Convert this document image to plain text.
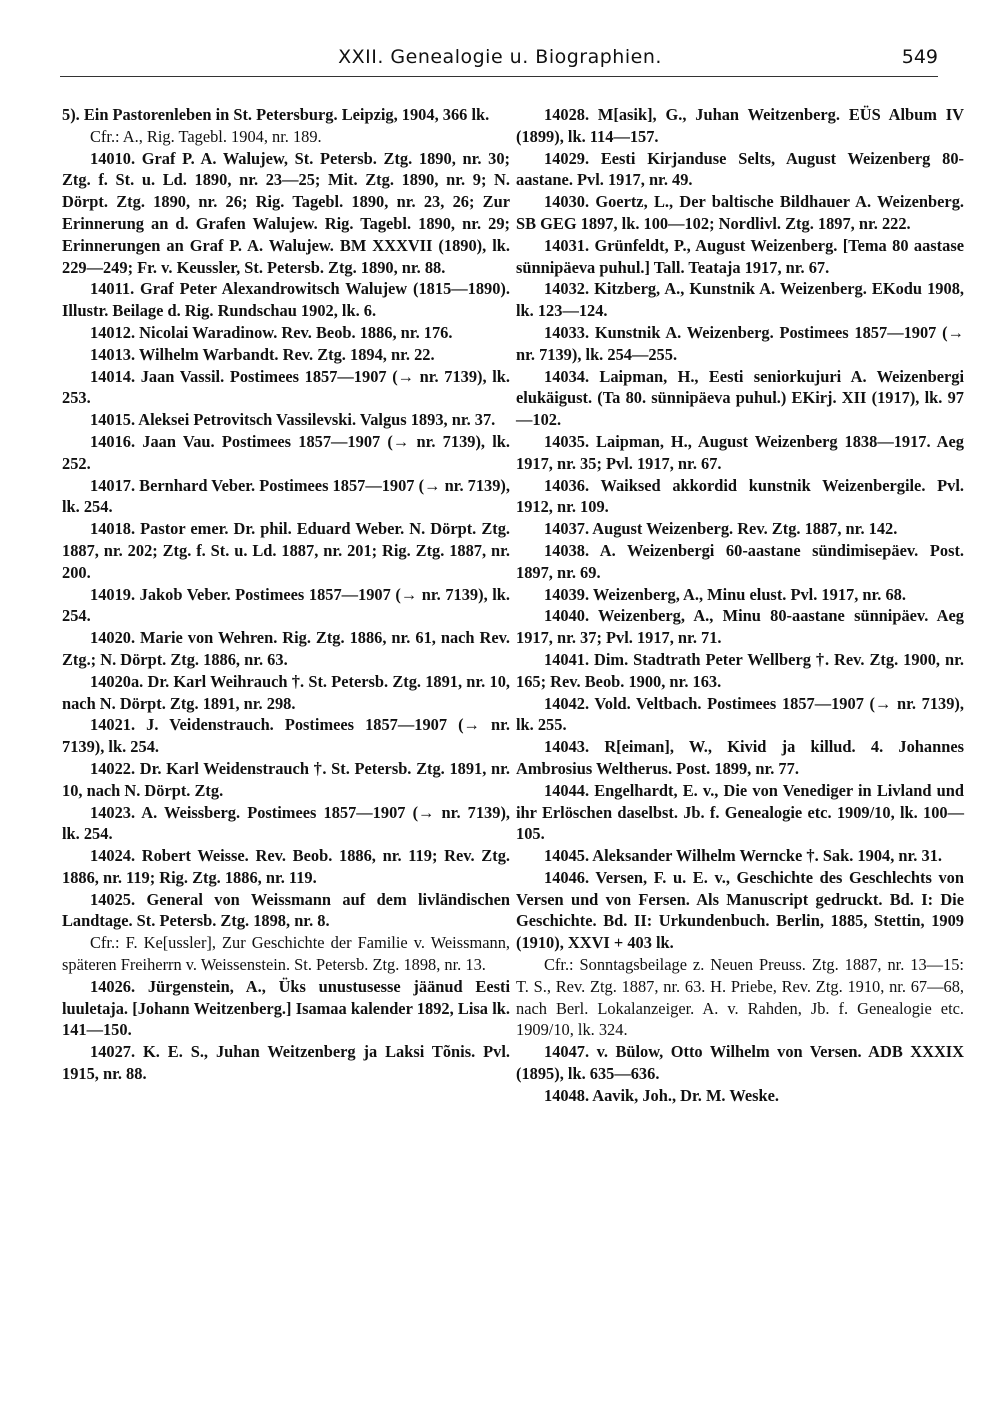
XXII. Genealogie u. Biographien.	549

5). Ein Pastorenleben in St. Petersburg. Leipzig, 1904, 366 lk.

Cfr.: A., Rig. Tagebl. 1904, nr. 189.

14010. Graf P. A. Walujew, St. Petersb. Ztg. 1890, nr. 30; Ztg. f. St. u. Ld. 1890, nr. 23—25; Mit. Ztg. 1890, nr. 9; N. Dörpt. Ztg. 1890, nr. 26; Rig. Tagebl. 1890, nr. 23, 26; Zur Erinnerung an d. Grafen Walujew. Rig. Tagebl. 1890, nr. 29; Erinnerungen an Graf P. A. Walujew. BM XXXVII (1890), lk. 229—249; Fr. v. Keussler, St. Petersb. Ztg. 1890, nr. 88.

14011. Graf Peter Alexandrowitsch Walujew (1815—1890). Illustr. Beilage d. Rig. Rundschau 1902, lk. 6.

14012. Nicolai Waradinow. Rev. Beob. 1886, nr. 176.

14013. Wilhelm Warbandt. Rev. Ztg. 1894, nr. 22.

14014. Jaan Vassil. Postimees 1857—1907 (→ nr. 7139), lk. 253.

14015. Aleksei Petrovitsch Vassilevski. Valgus 1893, nr. 37.

14016. Jaan Vau. Postimees 1857—1907 (→ nr. 7139), lk. 252.

14017. Bernhard Veber. Postimees 1857—1907 (→ nr. 7139), lk. 254.

14018. Pastor emer. Dr. phil. Eduard Weber. N. Dörpt. Ztg. 1887, nr. 202; Ztg. f. St. u. Ld. 1887, nr. 201; Rig. Ztg. 1887, nr. 200.

14019. Jakob Veber. Postimees 1857—1907 (→ nr. 7139), lk. 254.

14020. Marie von Wehren. Rig. Ztg. 1886, nr. 61, nach Rev. Ztg.; N. Dörpt. Ztg. 1886, nr. 63.

14020a. Dr. Karl Weihrauch †. St. Petersb. Ztg. 1891, nr. 10, nach N. Dörpt. Ztg. 1891, nr. 298.

14021. J. Veidenstrauch. Postimees 1857—1907 (→ nr. 7139), lk. 254.

14022. Dr. Karl Weidenstrauch †. St. Petersb. Ztg. 1891, nr. 10, nach N. Dörpt. Ztg.

14023. A. Weissberg. Postimees 1857—1907 (→ nr. 7139), lk. 254.

14024. Robert Weisse. Rev. Beob. 1886, nr. 119; Rev. Ztg. 1886, nr. 119; Rig. Ztg. 1886, nr. 119.

14025. General von Weissmann auf dem livländischen Landtage. St. Petersb. Ztg. 1898, nr. 8.

Cfr.: F. Ke[ussler], Zur Geschichte der Familie v. Weissmann, späteren Freiherrn v. Weissenstein. St. Petersb. Ztg. 1898, nr. 13.

14026. Jürgenstein, A., Üks unustusesse jäänud Eesti luuletaja. [Johann Weitzenberg.] Isamaa kalender 1892, Lisa lk. 141—150.

14027. K. E. S., Juhan Weitzenberg ja Laksi Tõnis. Pvl. 1915, nr. 88.

14028. M[asik], G., Juhan Weitzenberg. EÜS Album IV (1899), lk. 114—157.

14029. Eesti Kirjanduse Selts, August Weizenberg 80-aastane. Pvl. 1917, nr. 49.

14030. Goertz, L., Der baltische Bildhauer A. Weizenberg. SB GEG 1897, lk. 100—102; Nordlivl. Ztg. 1897, nr. 222.

14031. Grünfeldt, P., August Weizenberg. [Tema 80 aastase sünnipäeva puhul.] Tall. Teataja 1917, nr. 67.

14032. Kitzberg, A., Kunstnik A. Weizenberg. EKodu 1908, lk. 123—124.

14033. Kunstnik A. Weizenberg. Postimees 1857—1907 (→ nr. 7139), lk. 254—255.

14034. Laipman, H., Eesti seniorkujuri A. Weizenbergi elukäigust. (Ta 80. sünnipäeva puhul.) EKirj. XII (1917), lk. 97—102.

14035. Laipman, H., August Weizenberg 1838—1917. Aeg 1917, nr. 35; Pvl. 1917, nr. 67.

14036. Waiksed akkordid kunstnik Weizenbergile. Pvl. 1912, nr. 109.

14037. August Weizenberg. Rev. Ztg. 1887, nr. 142.

14038. A. Weizenbergi 60-aastane sündimisepäev. Post. 1897, nr. 69.

14039. Weizenberg, A., Minu elust. Pvl. 1917, nr. 68.

14040. Weizenberg, A., Minu 80-aastane sünnipäev. Aeg 1917, nr. 37; Pvl. 1917, nr. 71.

14041. Dim. Stadtrath Peter Wellberg †. Rev. Ztg. 1900, nr. 165; Rev. Beob. 1900, nr. 163.

14042. Vold. Veltbach. Postimees 1857—1907 (→ nr. 7139), lk. 255.

14043. R[eiman], W., Kivid ja killud. 4. Johannes Ambrosius Weltherus. Post. 1899, nr. 77.

14044. Engelhardt, E. v., Die von Venediger in Livland und ihr Erlöschen daselbst. Jb. f. Genealogie etc. 1909/10, lk. 100—105.

14045. Aleksander Wilhelm Werncke †. Sak. 1904, nr. 31.

14046. Versen, F. u. E. v., Geschichte des Geschlechts von Versen und von Fersen. Als Manuscript gedruckt. Bd. I: Die Geschichte. Bd. II: Urkundenbuch. Berlin, 1885, Stettin, 1909 (1910), XXVI + 403 lk.

Cfr.: Sonntagsbeilage z. Neuen Preuss. Ztg. 1887, nr. 13—15: T. S., Rev. Ztg. 1887, nr. 63. H. Priebe, Rev. Ztg. 1910, nr. 67—68, nach Berl. Lokalanzeiger. A. v. Rahden, Jb. f. Genealogie etc. 1909/10, lk. 324.

14047. v. Bülow, Otto Wilhelm von Versen. ADB XXXIX (1895), lk. 635—636.

14048. Aavik, Joh., Dr. M. Weske.
